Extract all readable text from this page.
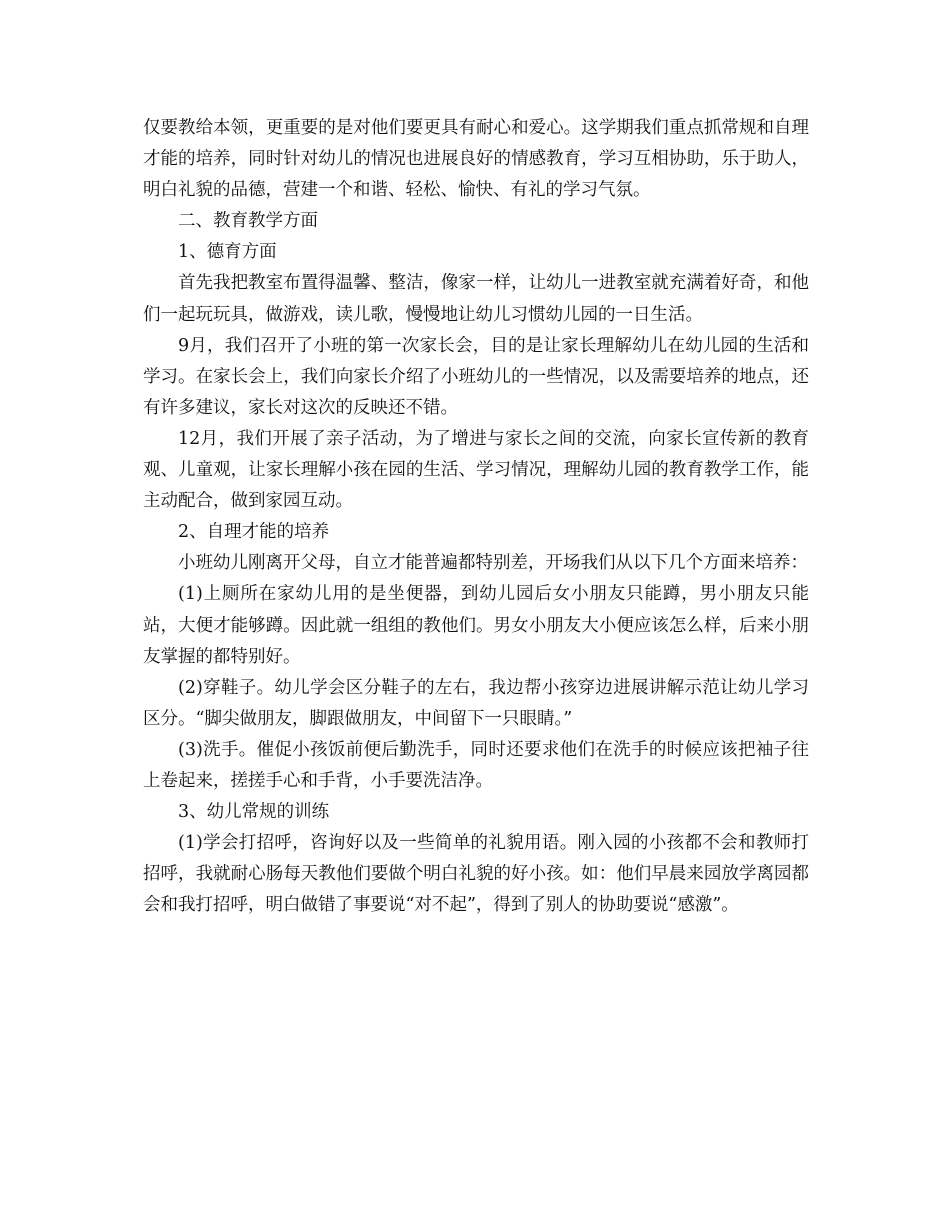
仅要教给本领，更重要的是对他们要更具有耐心和爱心。这学期我们重点抓常规和自理才能的培养，同时针对幼儿的情况也进展良好的情感教育，学习互相协助，乐于助人，明白礼貌的品德，营建一个和谐、轻松、愉快、有礼的学习气氛。

二、教育教学方面

1、德育方面

首先我把教室布置得温馨、整洁，像家一样，让幼儿一进教室就充满着好奇，和他们一起玩玩具，做游戏，读儿歌，慢慢地让幼儿习惯幼儿园的一日生活。

9月，我们召开了小班的第一次家长会，目的是让家长理解幼儿在幼儿园的生活和学习。在家长会上，我们向家长介绍了小班幼儿的一些情况，以及需要培养的地点，还有许多建议，家长对这次的反映还不错。

12月，我们开展了亲子活动，为了增进与家长之间的交流，向家长宣传新的教育观、儿童观，让家长理解小孩在园的生活、学习情况，理解幼儿园的教育教学工作，能主动配合，做到家园互动。

2、自理才能的培养

小班幼儿刚离开父母，自立才能普遍都特别差，开场我们从以下几个方面来培养：

(1)上厕所在家幼儿用的是坐便器，到幼儿园后女小朋友只能蹲，男小朋友只能站，大便才能够蹲。因此就一组组的教他们。男女小朋友大小便应该怎么样，后来小朋友掌握的都特别好。

(2)穿鞋子。幼儿学会区分鞋子的左右，我边帮小孩穿边进展讲解示范让幼儿学习区分。“脚尖做朋友，脚跟做朋友，中间留下一只眼睛。”

(3)洗手。催促小孩饭前便后勤洗手，同时还要求他们在洗手的时候应该把袖子往上卷起来，搓搓手心和手背，小手要洗洁净。

3、幼儿常规的训练

(1)学会打招呼，咨询好以及一些简单的礼貌用语。刚入园的小孩都不会和教师打招呼，我就耐心肠每天教他们要做个明白礼貌的好小孩。如：他们早晨来园放学离园都会和我打招呼，明白做错了事要说“对不起”，得到了别人的协助要说“感激”。
